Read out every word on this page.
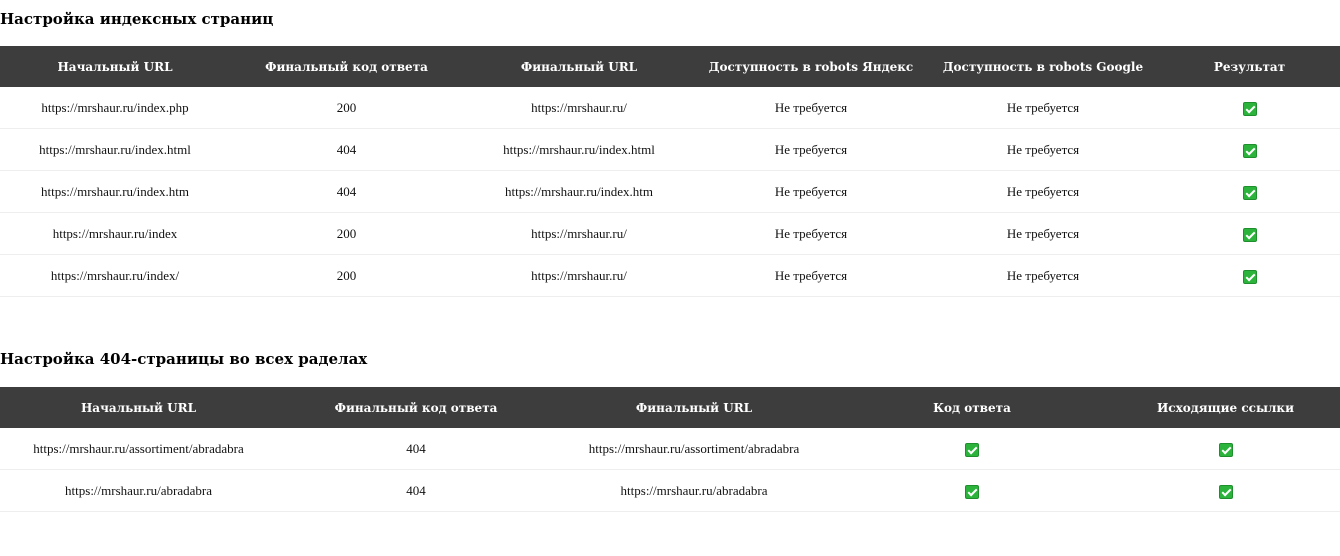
Настройка индексных страниц
Начальный URL	Финальный код ответа	Финальный URL	Доступность в robots Яндекс	Доступность в robots Google	Результат
https://mrshaur.ru/index.php	200	https://mrshaur.ru/	Не требуется	Не требуется	
https://mrshaur.ru/index.html	404	https://mrshaur.ru/index.html	Не требуется	Не требуется	
https://mrshaur.ru/index.htm	404	https://mrshaur.ru/index.htm	Не требуется	Не требуется	
https://mrshaur.ru/index	200	https://mrshaur.ru/	Не требуется	Не требуется	
https://mrshaur.ru/index/	200	https://mrshaur.ru/	Не требуется	Не требуется	
Настройка 404-страницы во всех раделах
Начальный URL	Финальный код ответа	Финальный URL	Код ответа	Исходящие ссылки
https://mrshaur.ru/assortiment/abradabra	404	https://mrshaur.ru/assortiment/abradabra		
https://mrshaur.ru/abradabra	404	https://mrshaur.ru/abradabra		
